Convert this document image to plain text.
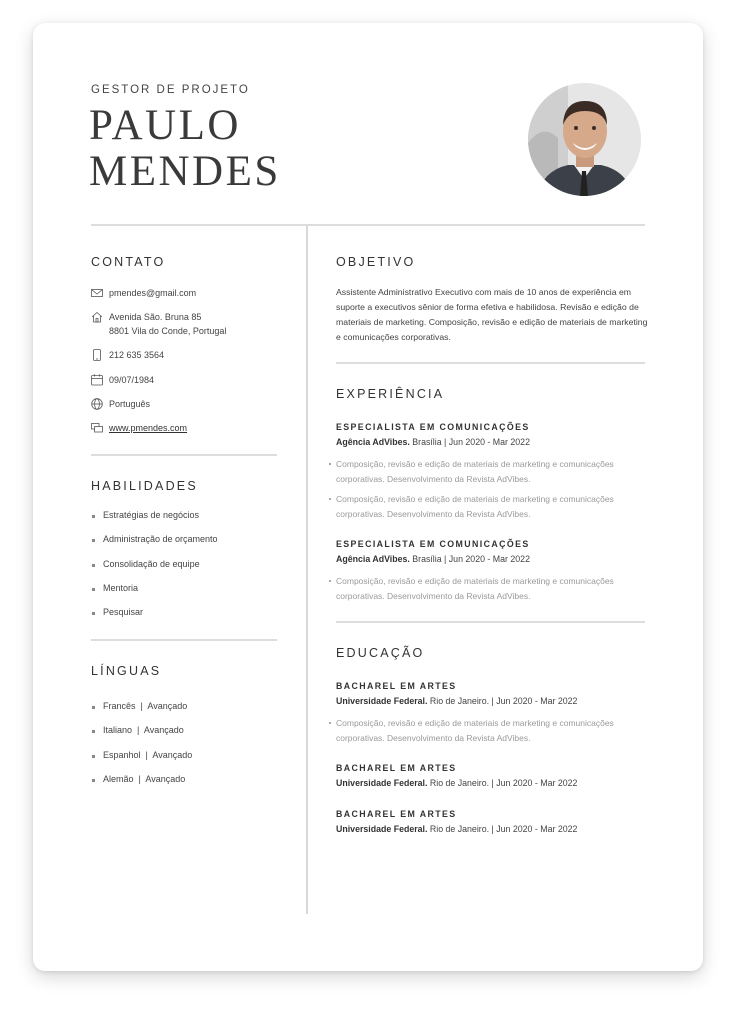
GESTOR DE PROJETO
PAULO
MENDES
CONTATO
pmendes@gmail.com
Avenida São. Bruna 85
8801 Vila do Conde, Portugal
212 635 3564
09/07/1984
Português
www.pmendes.com
HABILIDADES
Estratégias de negócios
Administração de orçamento
Consolidação de equipe
Mentoria
Pesquisar
LÍNGUAS
Francês  |  Avançado
Italiano  |  Avançado
Espanhol  |  Avançado
Alemão  |  Avançado
OBJETIVO
Assistente Administrativo Executivo com mais de 10 anos de experiência em suporte a executivos sênior de forma efetiva e habilidosa. Revisão e edição de materiais de marketing. Composição, revisão e edição de materiais de marketing e comunicações corporativas.
EXPERIÊNCIA
ESPECIALISTA EM COMUNICAÇÕES
Agência AdVibes. Brasília | Jun 2020 - Mar 2022
Composição, revisão e edição de materiais de marketing e comunicações corporativas. Desenvolvimento da Revista AdVibes.
Composição, revisão e edição de materiais de marketing e comunicações corporativas. Desenvolvimento da Revista AdVibes.
ESPECIALISTA EM COMUNICAÇÕES
Agência AdVibes. Brasília | Jun 2020 - Mar 2022
Composição, revisão e edição de materiais de marketing e comunicações corporativas. Desenvolvimento da Revista AdVibes.
EDUCAÇÃO
BACHAREL EM ARTES
Universidade Federal. Rio de Janeiro. | Jun 2020 - Mar 2022
Composição, revisão e edição de materiais de marketing e comunicações corporativas. Desenvolvimento da Revista AdVibes.
BACHAREL EM ARTES
Universidade Federal. Rio de Janeiro. | Jun 2020 - Mar 2022
BACHAREL EM ARTES
Universidade Federal. Rio de Janeiro. | Jun 2020 - Mar 2022
